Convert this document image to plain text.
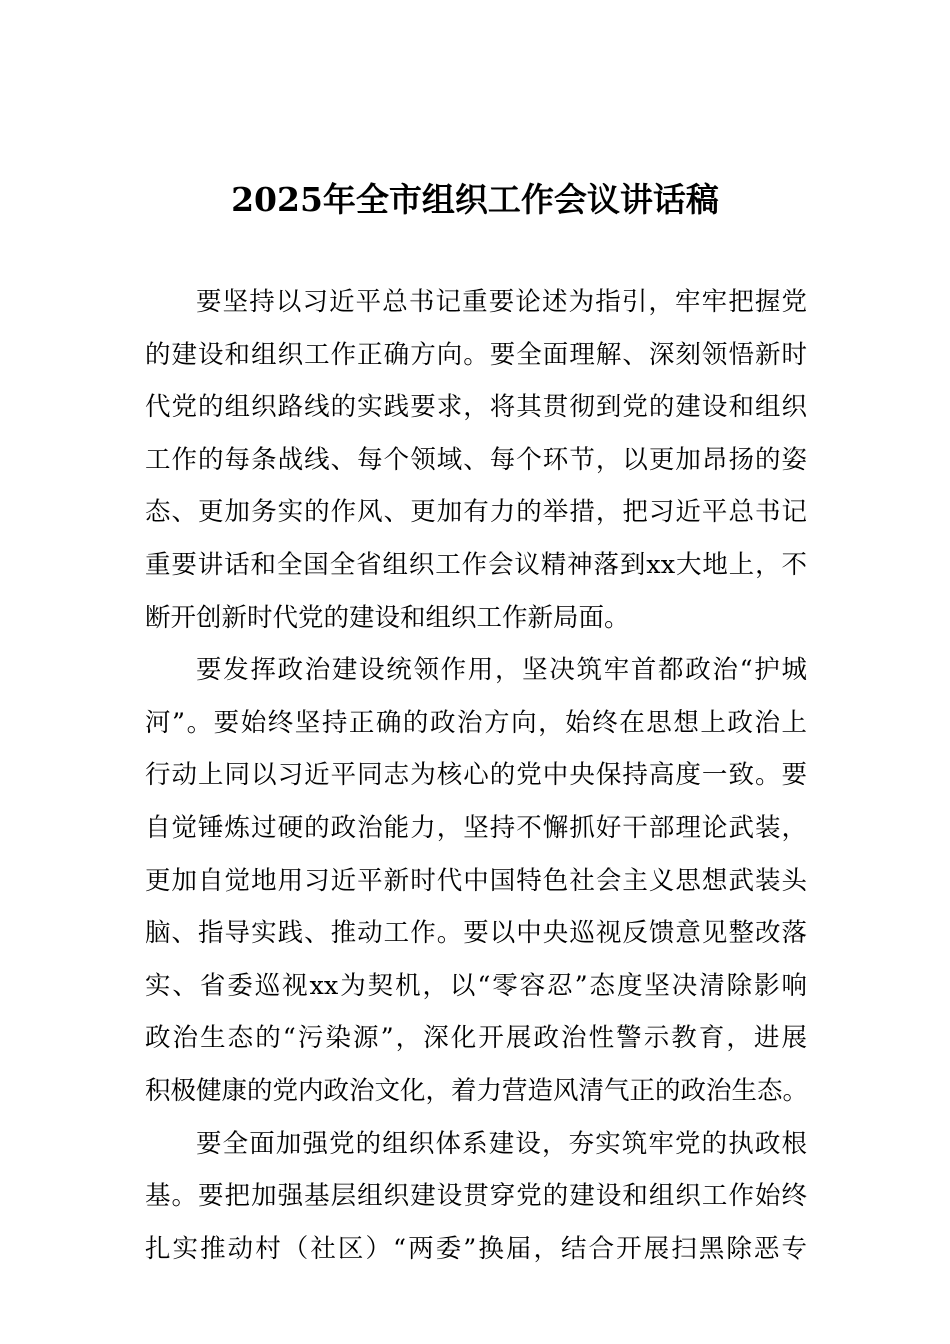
2025年全市组织工作会议讲话稿
要坚持以习近平总书记重要论述为指引，牢牢把握党
的建设和组织工作正确方向。要全面理解、深刻领悟新时
代党的组织路线的实践要求，将其贯彻到党的建设和组织
工作的每条战线、每个领域、每个环节，以更加昂扬的姿
态、更加务实的作风、更加有力的举措，把习近平总书记
重要讲话和全国全省组织工作会议精神落到xx大地上，不
断开创新时代党的建设和组织工作新局面。
要发挥政治建设统领作用，坚决筑牢首都政治“护城
河”。要始终坚持正确的政治方向，始终在思想上政治上
行动上同以习近平同志为核心的党中央保持高度一致。要
自觉锤炼过硬的政治能力，坚持不懈抓好干部理论武装，
更加自觉地用习近平新时代中国特色社会主义思想武装头
脑、指导实践、推动工作。要以中央巡视反馈意见整改落
实、省委巡视xx为契机，以“零容忍”态度坚决清除影响
政治生态的“污染源”，深化开展政治性警示教育，进展
积极健康的党内政治文化，着力营造风清气正的政治生态。
要全面加强党的组织体系建设，夯实筑牢党的执政根
基。要把加强基层组织建设贯穿党的建设和组织工作始终
扎实推动村（社区）“两委”换届，结合开展扫黑除恶专
